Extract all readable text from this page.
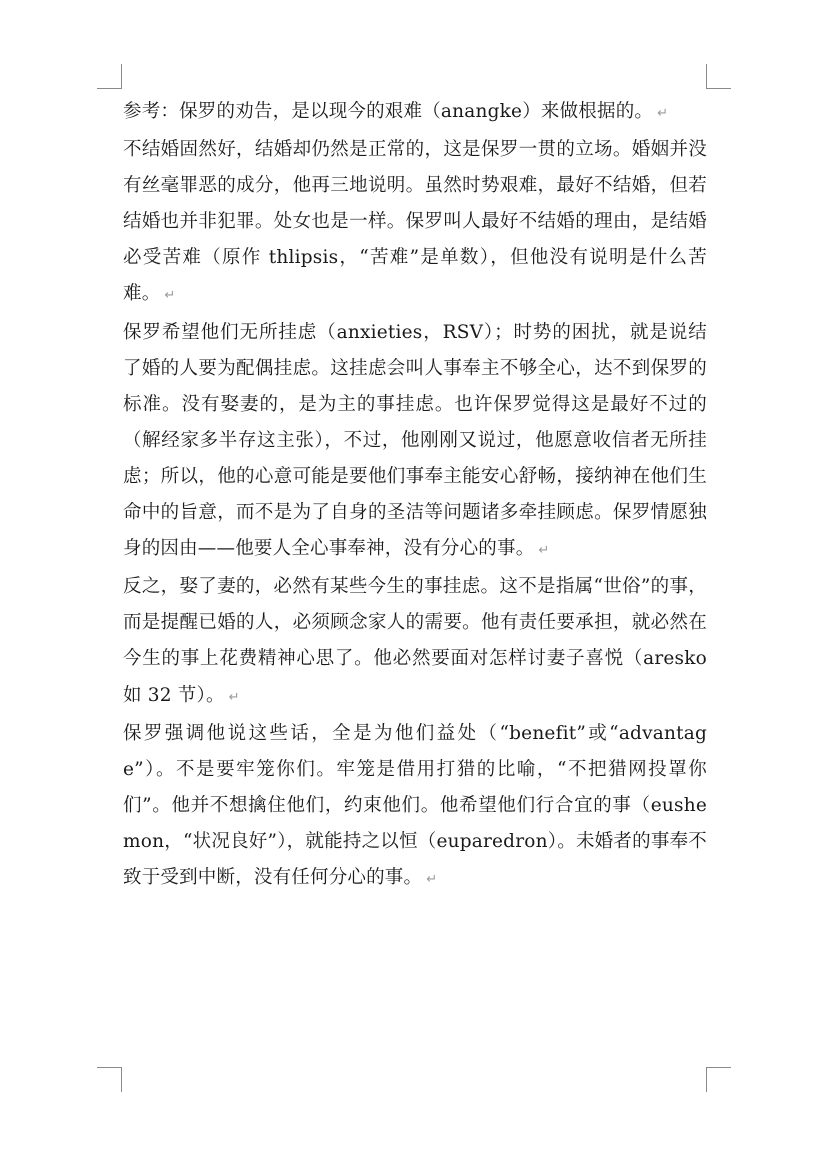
参考：保罗的劝告，是以现今的艰难（anangke）来做根据的。 ↵

不结婚固然好，结婚却仍然是正常的，这是保罗一贯的立场。婚姻并没有丝毫罪恶的成分，他再三地说明。虽然时势艰难，最好不结婚，但若结婚也并非犯罪。处女也是一样。保罗叫人最好不结婚的理由，是结婚必受苦难（原作 thlipsis，“苦难”是单数），但他没有说明是什么苦难。 ↵

保罗希望他们无所挂虑（anxieties，RSV）；时势的困扰，就是说结了婚的人要为配偶挂虑。这挂虑会叫人事奉主不够全心，达不到保罗的标准。没有娶妻的，是为主的事挂虑。也许保罗觉得这是最好不过的（解经家多半存这主张），不过，他刚刚又说过，他愿意收信者无所挂虑；所以，他的心意可能是要他们事奉主能安心舒畅，接纳神在他们生命中的旨意，而不是为了自身的圣洁等问题诸多牵挂顾虑。保罗情愿独身的因由——他要人全心事奉神，没有分心的事。 ↵

反之，娶了妻的，必然有某些今生的事挂虑。这不是指属“世俗”的事，而是提醒已婚的人，必须顾念家人的需要。他有责任要承担，就必然在今生的事上花费精神心思了。他必然要面对怎样讨妻子喜悦（aresko 如 32 节）。 ↵

保罗强调他说这些话，全是为他们益处（“benefit”或“advantage”）。不是要牢笼你们。牢笼是借用打猎的比喻，“不把猎网投罩你们”。他并不想擒住他们，约束他们。他希望他们行合宜的事（eushemon，“状况良好”），就能持之以恒（euparedron）。未婚者的事奉不致于受到中断，没有任何分心的事。 ↵
